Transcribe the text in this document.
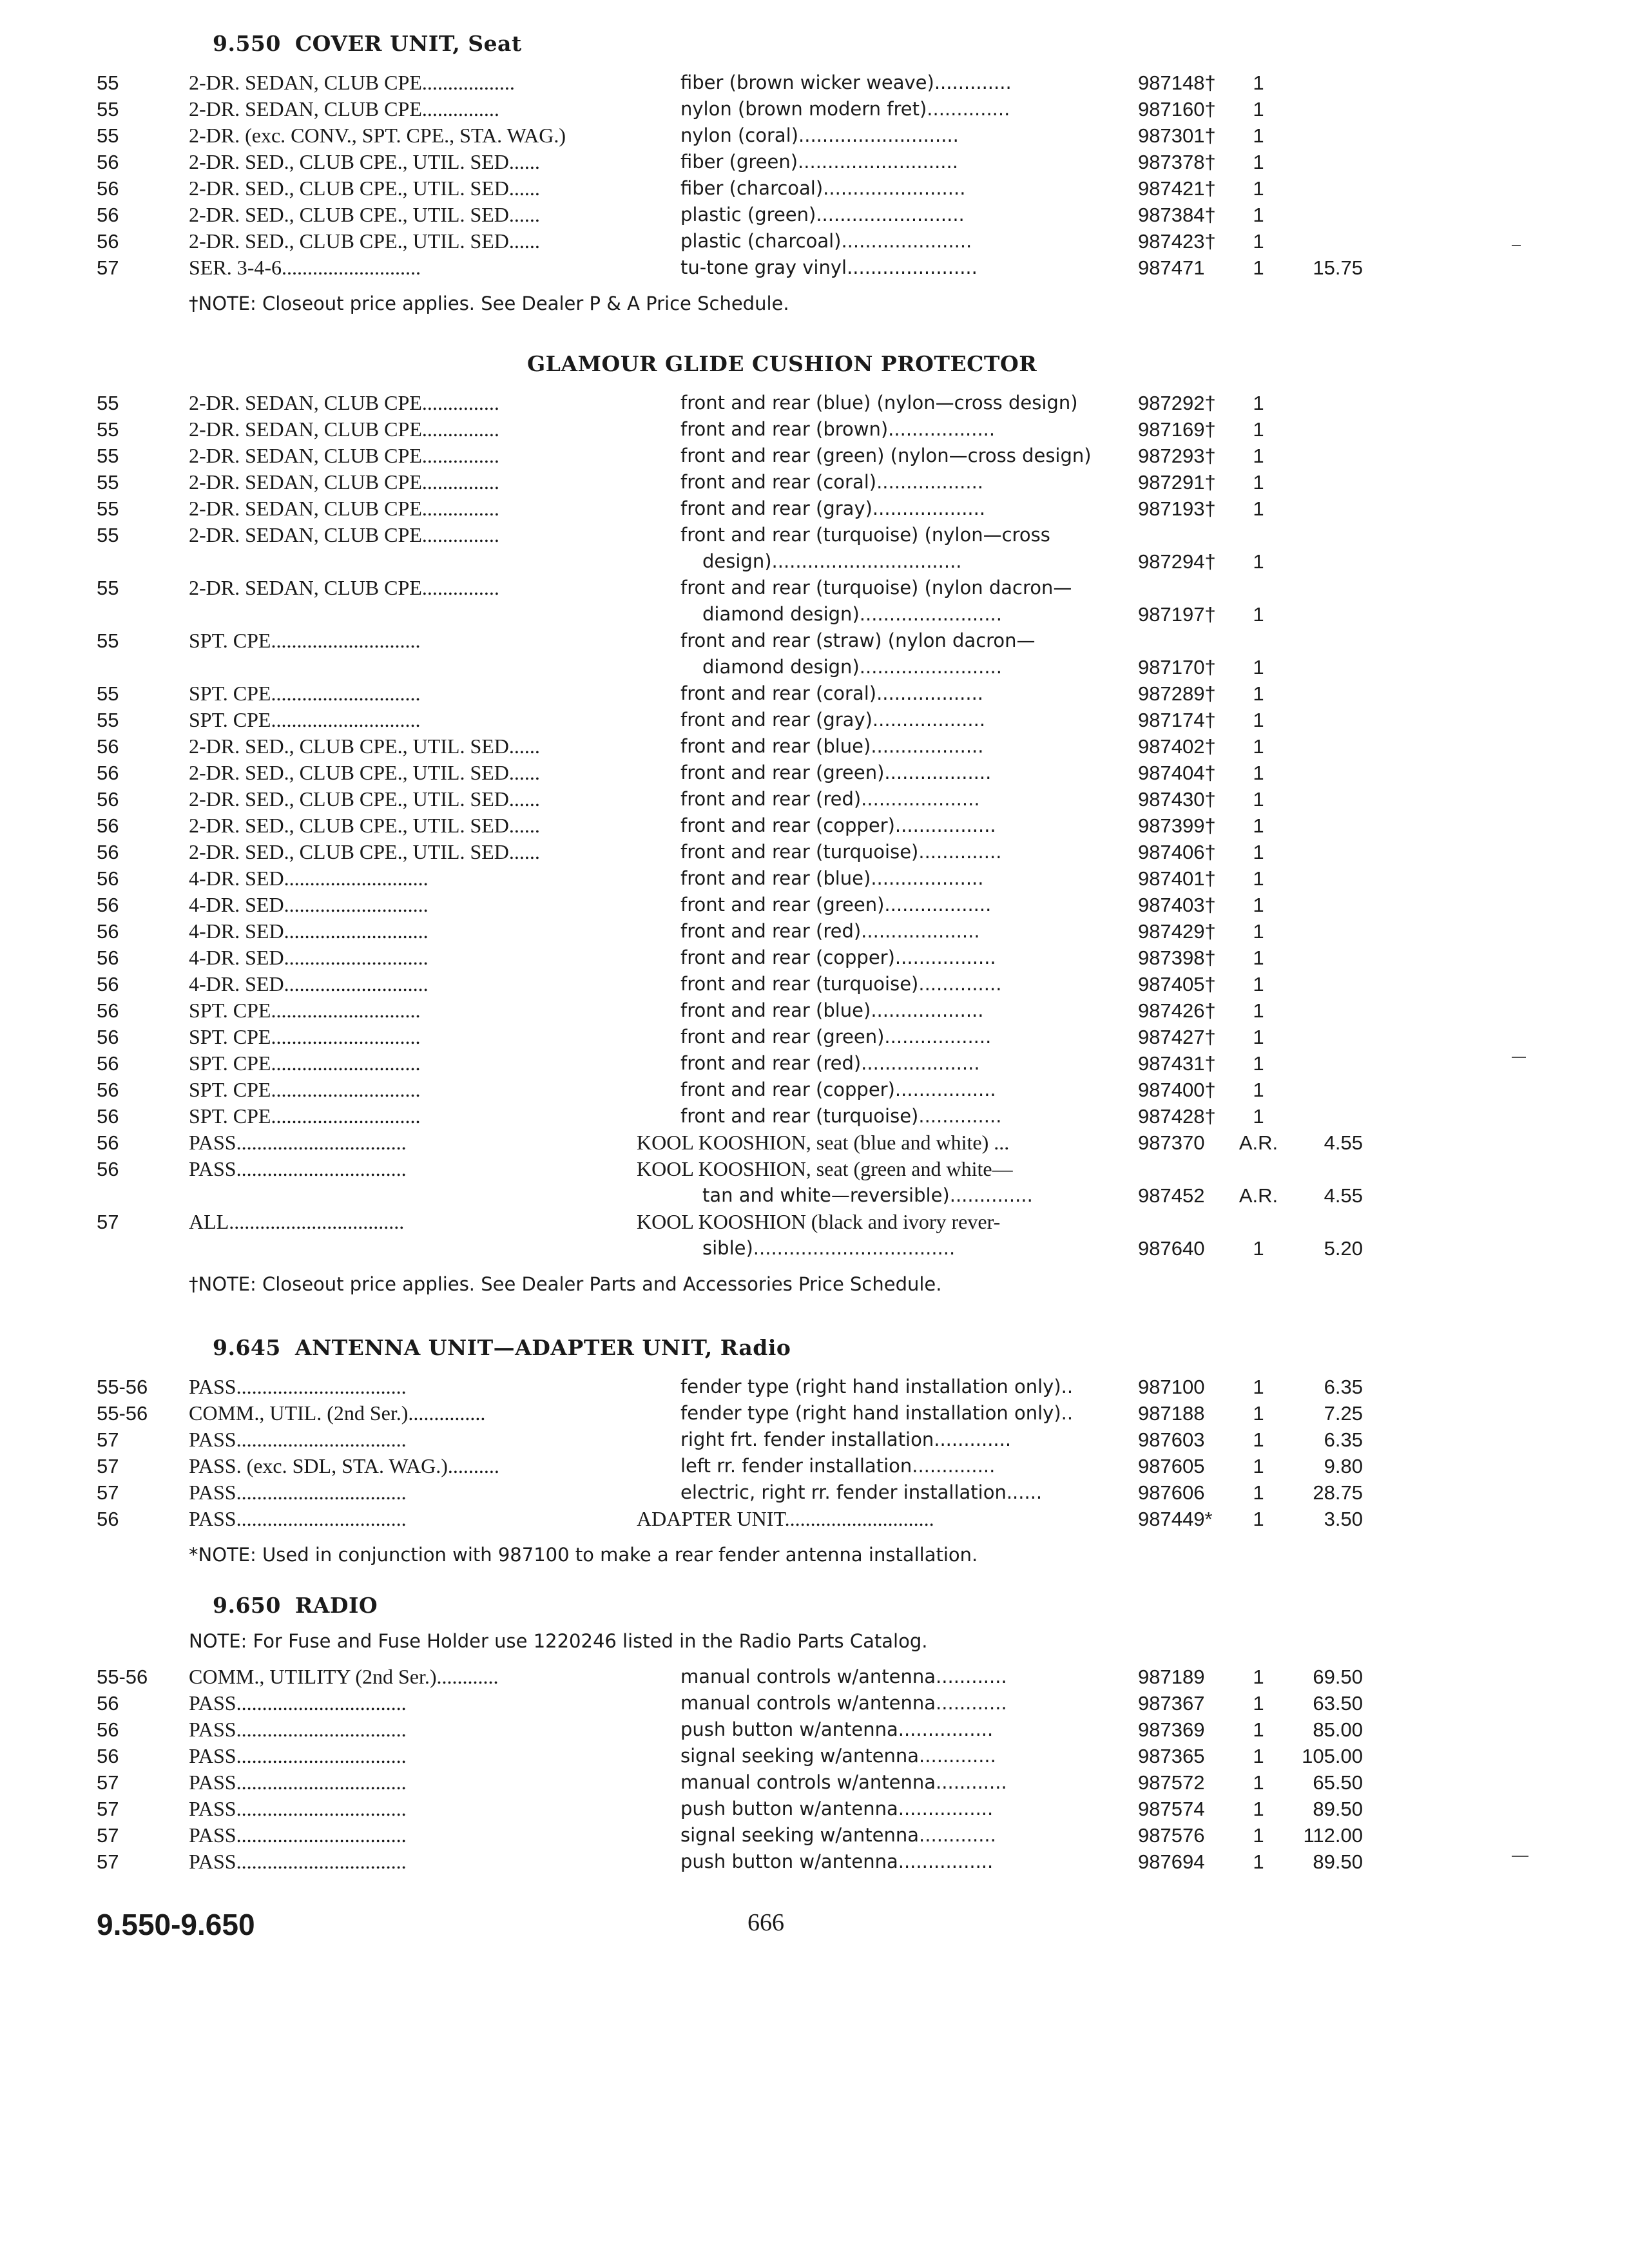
9.550 COVER UNIT, Seat
55	2-DR. SEDAN, CLUB CPE..................	fiber (brown wicker weave).............	987148†	1
55	2-DR. SEDAN, CLUB CPE...............	nylon (brown modern fret)..............	987160†	1
55	2-DR. (exc. CONV., SPT. CPE., STA. WAG.)	nylon (coral)...........................	987301†	1
56	2-DR. SED., CLUB CPE., UTIL. SED......	fiber (green)...........................	987378†	1
56	2-DR. SED., CLUB CPE., UTIL. SED......	fiber (charcoal)........................	987421†	1
56	2-DR. SED., CLUB CPE., UTIL. SED......	plastic (green).........................	987384†	1
56	2-DR. SED., CLUB CPE., UTIL. SED......	plastic (charcoal)......................	987423†	1
57	SER. 3-4-6...........................	tu-tone gray vinyl......................	987471	1	15.75
†NOTE: Closeout price applies. See Dealer P & A Price Schedule.
GLAMOUR GLIDE CUSHION PROTECTOR
55	2-DR. SEDAN, CLUB CPE...............	front and rear (blue) (nylon—cross design)	987292†	1
55	2-DR. SEDAN, CLUB CPE...............	front and rear (brown)..................	987169†	1
55	2-DR. SEDAN, CLUB CPE...............	front and rear (green) (nylon—cross design)	987293†	1
55	2-DR. SEDAN, CLUB CPE...............	front and rear (coral)..................	987291†	1
55	2-DR. SEDAN, CLUB CPE...............	front and rear (gray)...................	987193†	1
55	2-DR. SEDAN, CLUB CPE...............	front and rear (turquoise) (nylon—cross
design)................................	987294†	1
55	2-DR. SEDAN, CLUB CPE...............	front and rear (turquoise) (nylon dacron—
diamond design)........................	987197†	1
55	SPT. CPE.............................	front and rear (straw) (nylon dacron—
diamond design)........................	987170†	1
55	SPT. CPE.............................	front and rear (coral)..................	987289†	1
55	SPT. CPE.............................	front and rear (gray)...................	987174†	1
56	2-DR. SED., CLUB CPE., UTIL. SED......	front and rear (blue)...................	987402†	1
56	2-DR. SED., CLUB CPE., UTIL. SED......	front and rear (green)..................	987404†	1
56	2-DR. SED., CLUB CPE., UTIL. SED......	front and rear (red)....................	987430†	1
56	2-DR. SED., CLUB CPE., UTIL. SED......	front and rear (copper).................	987399†	1
56	2-DR. SED., CLUB CPE., UTIL. SED......	front and rear (turquoise)..............	987406†	1
56	4-DR. SED............................	front and rear (blue)...................	987401†	1
56	4-DR. SED............................	front and rear (green)..................	987403†	1
56	4-DR. SED............................	front and rear (red)....................	987429†	1
56	4-DR. SED............................	front and rear (copper).................	987398†	1
56	4-DR. SED............................	front and rear (turquoise)..............	987405†	1
56	SPT. CPE.............................	front and rear (blue)...................	987426†	1
56	SPT. CPE.............................	front and rear (green)..................	987427†	1
56	SPT. CPE.............................	front and rear (red)....................	987431†	1
56	SPT. CPE.............................	front and rear (copper).................	987400†	1
56	SPT. CPE.............................	front and rear (turquoise)..............	987428†	1
56	PASS.................................	KOOL KOOSHION, seat (blue and white) ...	987370	A.R.	4.55
56	PASS.................................	KOOL KOOSHION, seat (green and white—
tan and white—reversible)..............	987452	A.R.	4.55
57	ALL..................................	KOOL KOOSHION (black and ivory rever-
sible)..................................	987640	1	5.20
†NOTE: Closeout price applies. See Dealer Parts and Accessories Price Schedule.
9.645 ANTENNA UNIT—ADAPTER UNIT, Radio
55-56	PASS.................................	fender type (right hand installation only)..	987100	1	6.35
55-56	COMM., UTIL. (2nd Ser.)...............	fender type (right hand installation only)..	987188	1	7.25
57	PASS.................................	right frt. fender installation.............	987603	1	6.35
57	PASS. (exc. SDL, STA. WAG.)..........	left rr. fender installation..............	987605	1	9.80
57	PASS.................................	electric, right rr. fender installation......	987606	1	28.75
56	PASS.................................	ADAPTER UNIT.............................	987449*	1	3.50
*NOTE: Used in conjunction with 987100 to make a rear fender antenna installation.
9.650 RADIO
NOTE: For Fuse and Fuse Holder use 1220246 listed in the Radio Parts Catalog.
55-56	COMM., UTILITY (2nd Ser.)............	manual controls w/antenna............	987189	1	69.50
56	PASS.................................	manual controls w/antenna............	987367	1	63.50
56	PASS.................................	push button w/antenna................	987369	1	85.00
56	PASS.................................	signal seeking w/antenna.............	987365	1	105.00
57	PASS.................................	manual controls w/antenna............	987572	1	65.50
57	PASS.................................	push button w/antenna................	987574	1	89.50
57	PASS.................................	signal seeking w/antenna.............	987576	1	112.00
57	PASS.................................	push button w/antenna................	987694	1	89.50
9.550-9.650	666
